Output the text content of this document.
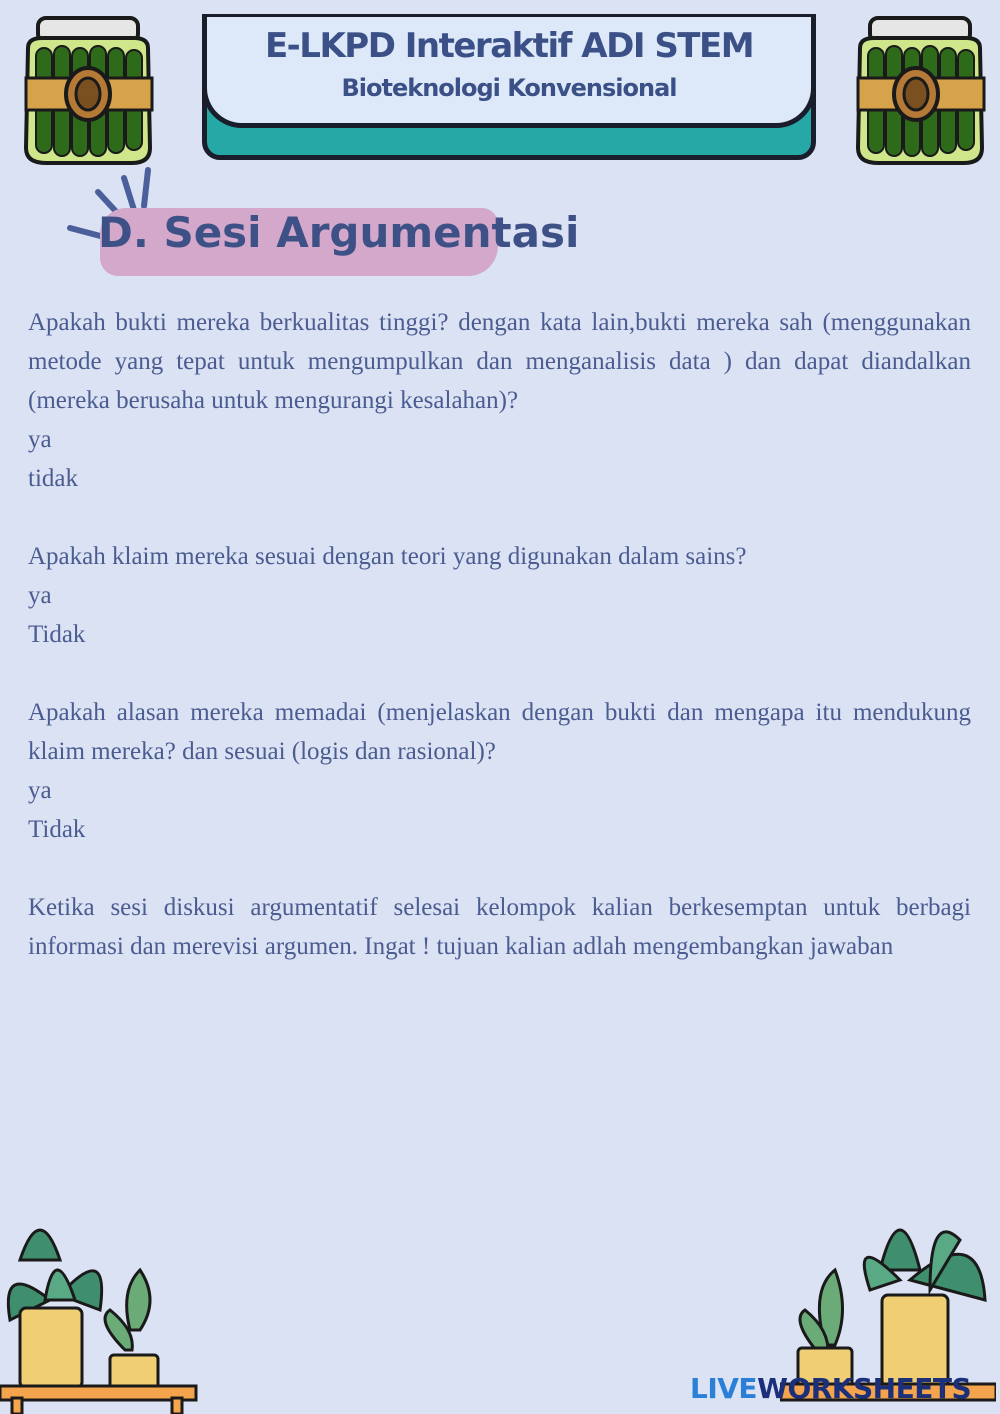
E-LKPD Interaktif ADI STEM
Bioteknologi Konvensional
D. Sesi Argumentasi

Apakah bukti mereka berkualitas tinggi? dengan kata lain,bukti mereka sah (menggunakan metode yang tepat untuk mengumpulkan dan menganalisis data ) dan dapat diandalkan (mereka berusaha untuk mengurangi kesalahan)?

ya
tidak

Apakah klaim mereka sesuai dengan teori yang digunakan dalam sains?

ya
Tidak

Apakah alasan mereka memadai (menjelaskan dengan bukti dan mengapa itu mendukung klaim mereka? dan sesuai (logis dan rasional)?

ya
Tidak

Ketika sesi diskusi argumentatif selesai kelompok kalian berkesemptan untuk berbagi informasi dan merevisi argumen. Ingat ! tujuan kalian adlah mengembangkan jawaban

LIVEWORKSHEETS
